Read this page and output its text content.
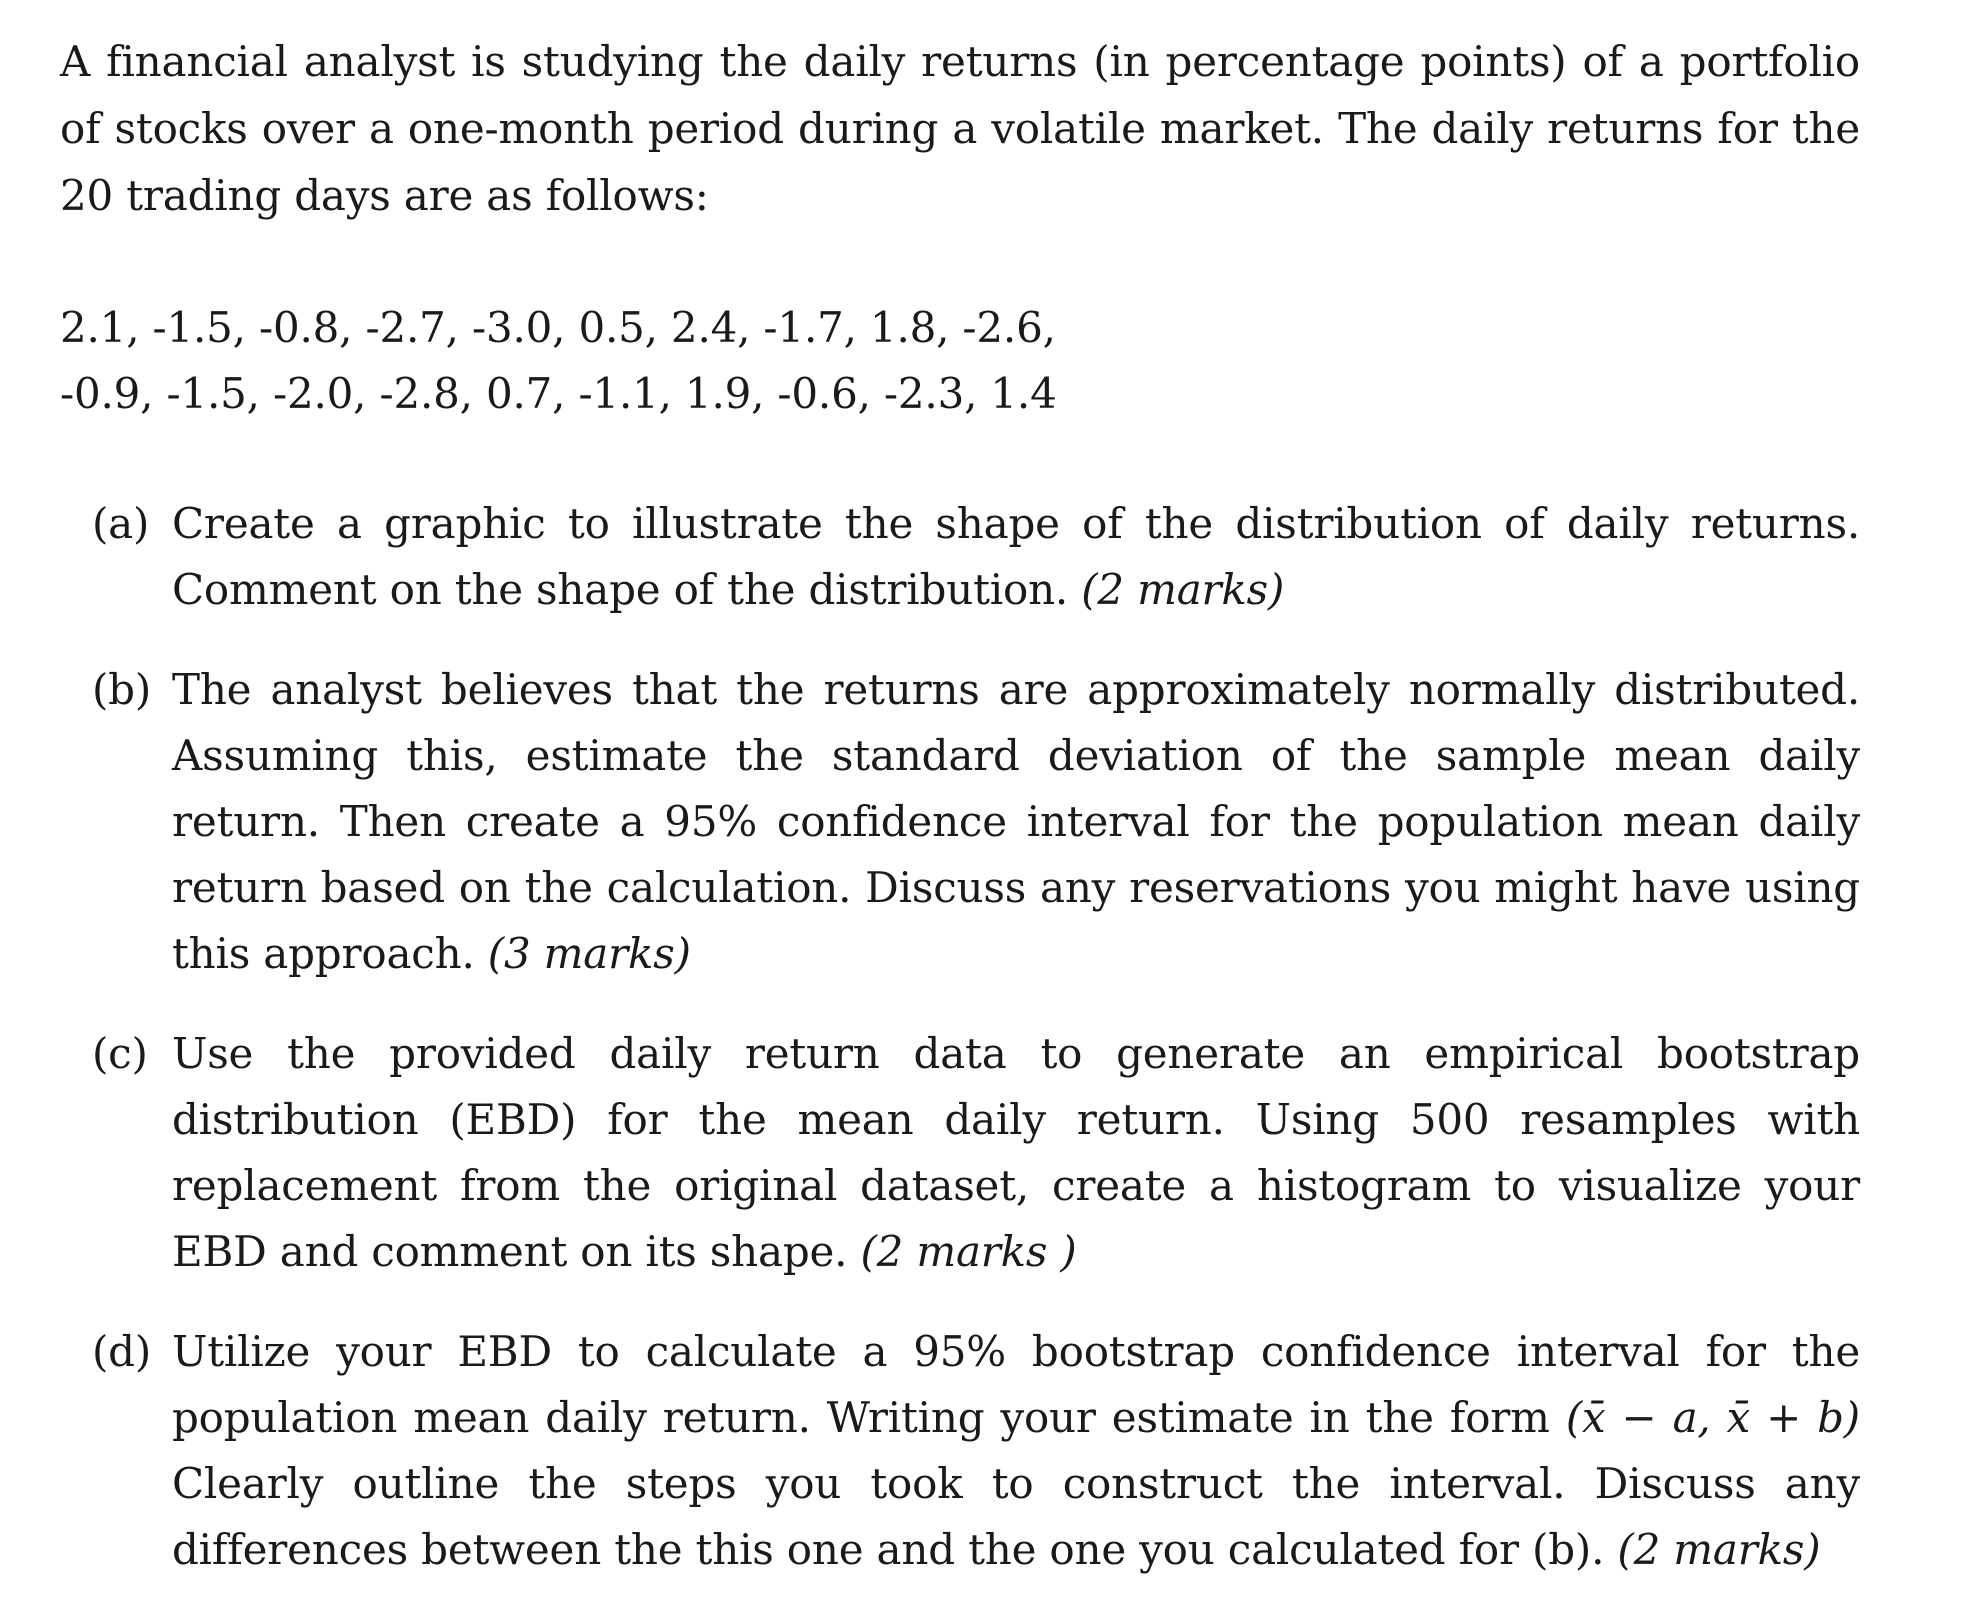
A financial analyst is studying the daily returns (in percentage points) of a portfolio of stocks over a one-month period during a volatile market. The daily returns for the 20 trading days are as follows:

2.1, -1.5, -0.8, -2.7, -3.0, 0.5, 2.4, -1.7, 1.8, -2.6,
-0.9, -1.5, -2.0, -2.8, 0.7, -1.1, 1.9, -0.6, -2.3, 1.4
(a) Create a graphic to illustrate the shape of the distribution of daily returns. Comment on the shape of the distribution. (2 marks)
(b) The analyst believes that the returns are approximately normally distributed. Assuming this, estimate the standard deviation of the sample mean daily return. Then create a 95% confidence interval for the population mean daily return based on the calculation. Discuss any reservations you might have using this approach. (3 marks)
(c) Use the provided daily return data to generate an empirical bootstrap distribution (EBD) for the mean daily return. Using 500 resamples with replacement from the original dataset, create a histogram to visualize your EBD and comment on its shape. (2 marks )
(d) Utilize your EBD to calculate a 95% bootstrap confidence interval for the population mean daily return. Writing your estimate in the form (x̄ − a, x̄ + b) Clearly outline the steps you took to construct the interval. Discuss any differences between the this one and the one you calculated for (b). (2 marks)
